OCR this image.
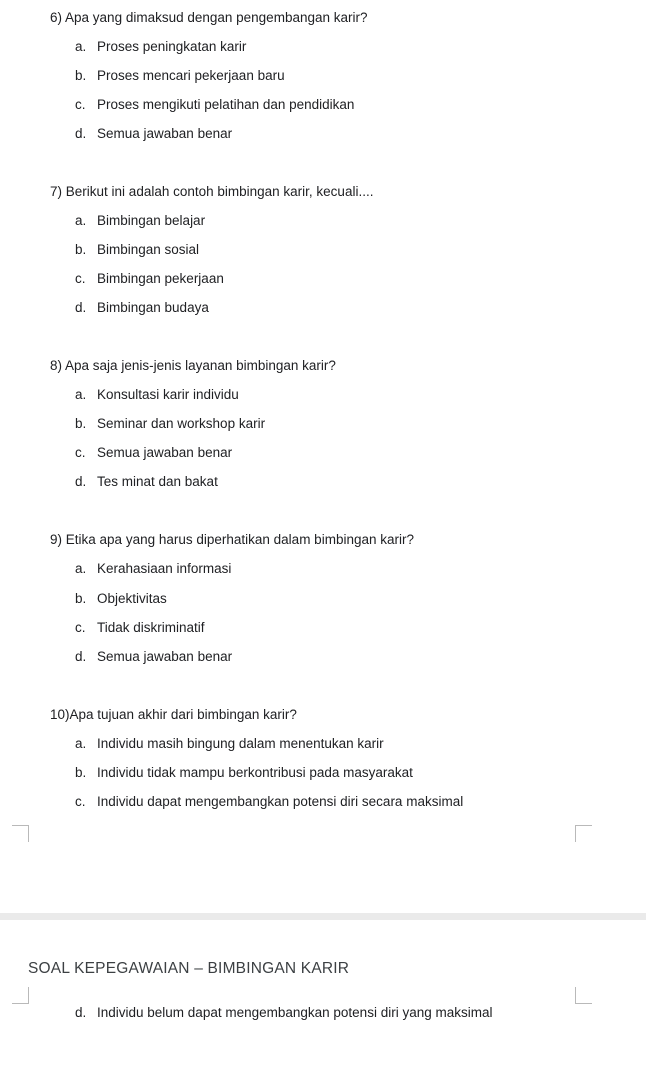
6) Apa yang dimaksud dengan pengembangan karir?
a. Proses peningkatan karir
b. Proses mencari pekerjaan baru
c. Proses mengikuti pelatihan dan pendidikan
d. Semua jawaban benar
7) Berikut ini adalah contoh bimbingan karir, kecuali....
a. Bimbingan belajar
b. Bimbingan sosial
c. Bimbingan pekerjaan
d. Bimbingan budaya
8) Apa saja jenis-jenis layanan bimbingan karir?
a. Konsultasi karir individu
b. Seminar dan workshop karir
c. Semua jawaban benar
d. Tes minat dan bakat
9) Etika apa yang harus diperhatikan dalam bimbingan karir?
a. Kerahasiaan informasi
b. Objektivitas
c. Tidak diskriminatif
d. Semua jawaban benar
10)Apa tujuan akhir dari bimbingan karir?
a. Individu masih bingung dalam menentukan karir
b. Individu tidak mampu berkontribusi pada masyarakat
c. Individu dapat mengembangkan potensi diri secara maksimal
SOAL KEPEGAWAIAN – BIMBINGAN KARIR
d. Individu belum dapat mengembangkan potensi diri yang maksimal
